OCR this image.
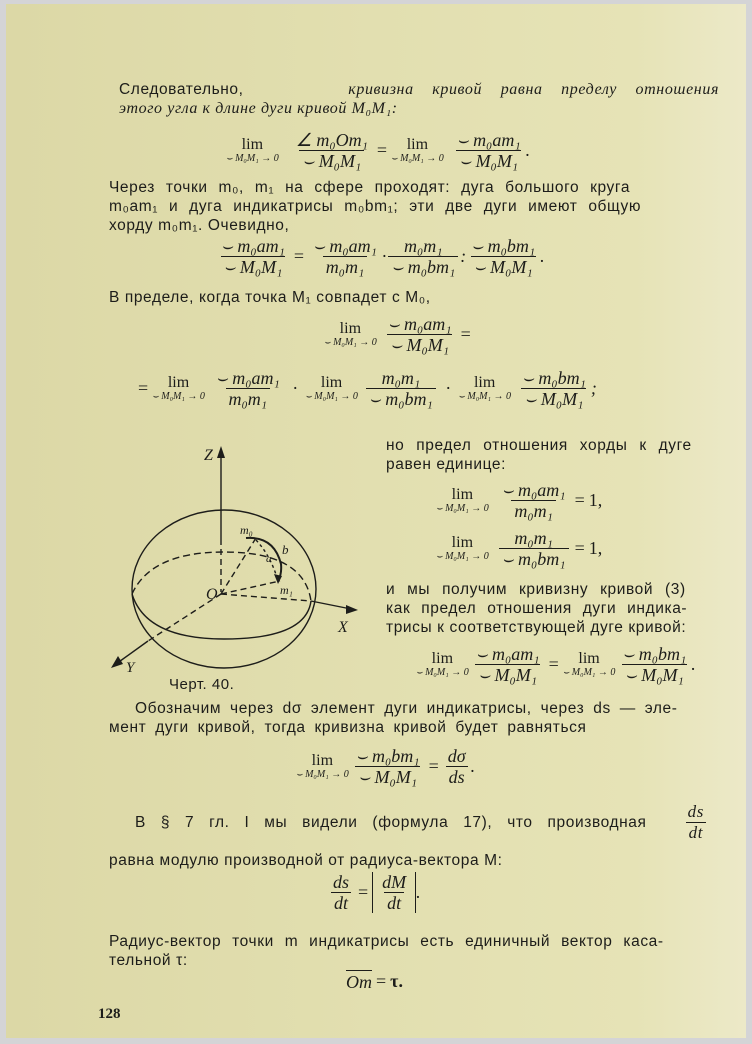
Следовательно,	кривизна кривой равна пределу отношения
этого угла к длине дуги кривой M₀M₁:
lim
⌣ $M_0M_1 \to 0 \frac{\text{∠ m₀Om₁}}{\text{⌣ M₀M₁}} = \lim$
⌣ $M_0M_1 \to 0 \frac{\text{⌣ m₀am₁}}{\text{⌣ M₀M₁}}$ .
Через точки m₀, m₁ на сфере проходят: дуга большого круга
m₀am₁ и дуга индикатрисы m₀bm₁; эти две дуги имеют общую
хорду m₀m₁. Очевидно,
$\frac{\text{⌣ m₀am₁}}{\text{⌣ M₀M₁}} = \frac{\text{⌣ m₀am₁}}{\text{m₀m₁}} \cdot \frac{\text{m₀m₁}}{\text{⌣ m₀bm₁}}$ : $\frac{\text{⌣ m₀bm₁}}{\text{⌣ M₀M₁}}$ .
В пределе, когда точка M₁ совпадет с M₀,
lim
⌣ $M_0M_1 \to 0 \frac{\text{⌣ m₀am₁}}{\text{⌣ M₀M₁}}$ =
= lim
⌣ $M_0M_1 \to 0 \frac{\text{⌣ m₀am₁}}{\text{m₀m₁}} \cdot \lim$
⌣ $M_0M_1 \to 0 \frac{\text{m₀m₁}}{\text{⌣ m₀bm₁}} \cdot \lim$
⌣ $M_0M_1 \to 0 \frac{\text{⌣ m₀bm₁}}{\text{⌣ M₀M₁}}$ ;
Z
X
Y
O
m₀
b
a
m₁
Черт. 40.
но предел отношения хорды к дуге
равен единице:
lim
⌣ $M_0M_1 \to 0 \frac{\text{⌣ m₀am₁}}{\text{m₀m₁}} = 1$,
lim
⌣ $M_0M_1 \to 0 \frac{\text{m₀m₁}}{\text{⌣ m₀bm₁}} = 1$,
и мы получим кривизну кривой (3)
как предел отношения дуги индика-
трисы к соответствующей дуге кривой:
lim
⌣ $M_0M_1 \to 0 \frac{\text{⌣ m₀am₁}}{\text{⌣ M₀M₁}} = \lim$
⌣ $M_0M_1 \to 0 \frac{\text{⌣ m₀bm₁}}{\text{⌣ M₀M₁}}$ .
Обозначим через dσ элемент дуги индикатрисы, через ds — эле-
мент дуги кривой, тогда кривизна кривой будет равняться
lim
⌣ $M_0M_1 \to 0 \frac{\text{⌣ m₀bm₁}}{\text{⌣ M₀M₁}} = \frac{d\sigma}{ds}$ .
В § 7 гл. I мы видели (формула 17), что производная $\frac{ds}{dt}$
равна модулю производной от радиуса-вектора M:
$\frac{ds}{dt} = \frac{dM}{dt}$ .
Радиус-вектор точки m индикатрисы есть единичный вектор каса-
тельной τ:
Om = τ.
128
